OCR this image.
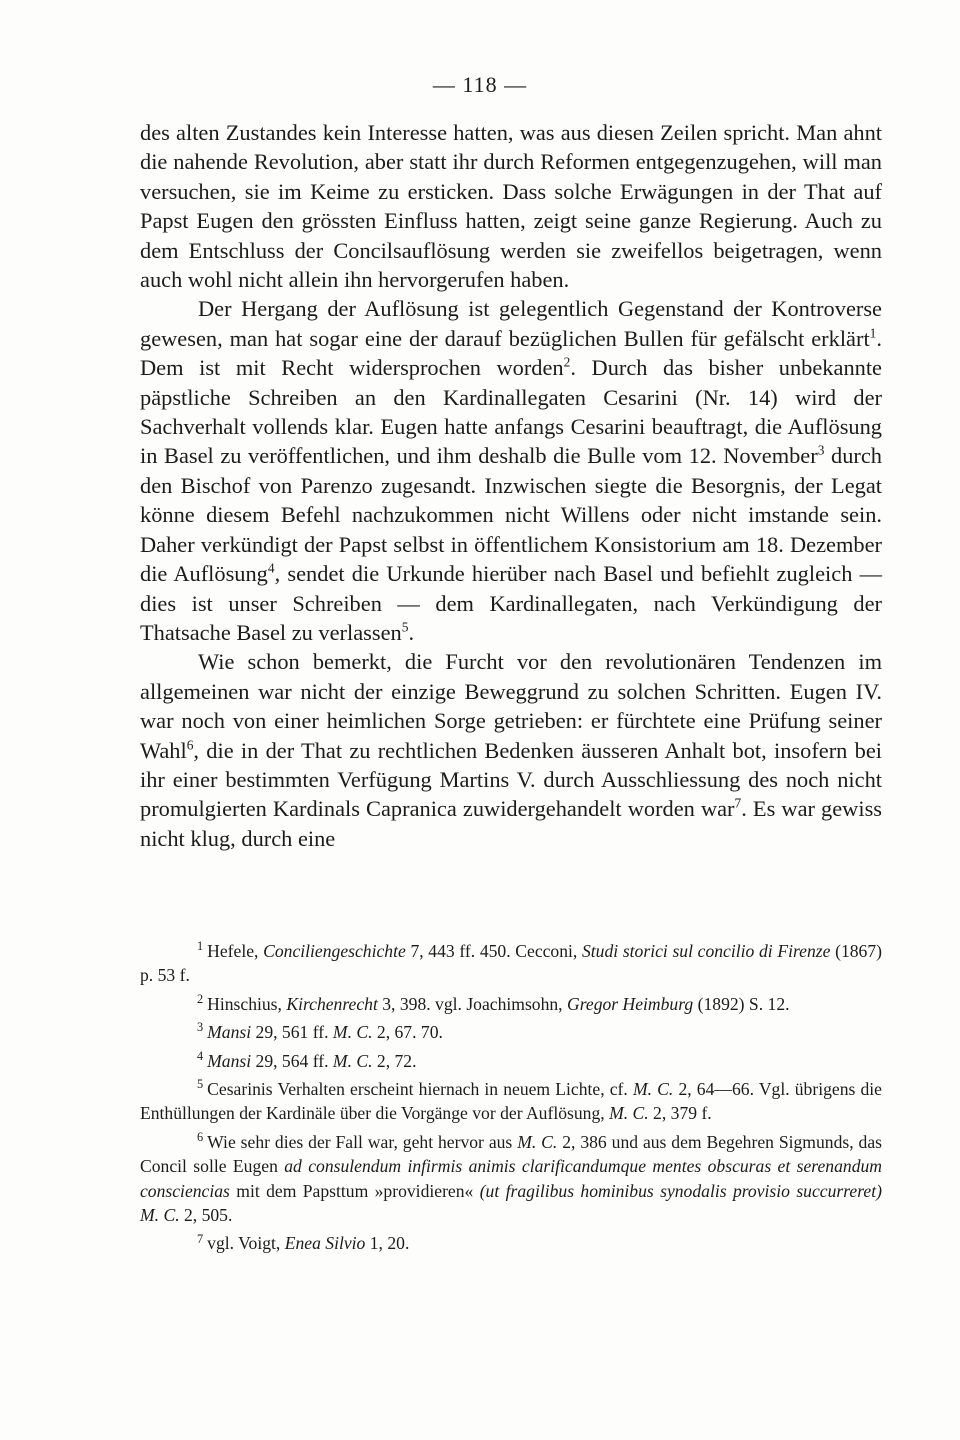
— 118 —

des alten Zustandes kein Interesse hatten, was aus diesen Zeilen spricht. Man ahnt die nahende Revolution, aber statt ihr durch Reformen entgegenzugehen, will man versuchen, sie im Keime zu ersticken. Dass solche Erwägungen in der That auf Papst Eugen den grössten Einfluss hatten, zeigt seine ganze Regierung. Auch zu dem Entschluss der Concilsauflösung werden sie zweifellos beigetragen, wenn auch wohl nicht allein ihn hervorgerufen haben.

Der Hergang der Auflösung ist gelegentlich Gegenstand der Kontroverse gewesen, man hat sogar eine der darauf bezüglichen Bullen für gefälscht erklärt$^1$. Dem ist mit Recht widersprochen worden$^2$. Durch das bisher unbekannte päpstliche Schreiben an den Kardinallegaten Cesarini (Nr. 14) wird der Sachverhalt vollends klar. Eugen hatte anfangs Cesarini beauftragt, die Auflösung in Basel zu veröffentlichen, und ihm deshalb die Bulle vom 12. November$^3$ durch den Bischof von Parenzo zugesandt. Inzwischen siegte die Besorgnis, der Legat könne diesem Befehl nachzukommen nicht Willens oder nicht imstande sein. Daher verkündigt der Papst selbst in öffentlichem Konsistorium am 18. Dezember die Auflösung$^4$, sendet die Urkunde hierüber nach Basel und befiehlt zugleich — dies ist unser Schreiben — dem Kardinallegaten, nach Verkündigung der Thatsache Basel zu verlassen$^5$.

Wie schon bemerkt, die Furcht vor den revolutionären Tendenzen im allgemeinen war nicht der einzige Beweggrund zu solchen Schritten. Eugen IV. war noch von einer heimlichen Sorge getrieben: er fürchtete eine Prüfung seiner Wahl$^6$, die in der That zu rechtlichen Bedenken äusseren Anhalt bot, insofern bei ihr einer bestimmten Verfügung Martins V. durch Ausschliessung des noch nicht promulgierten Kardinals Capranica zuwidergehandelt worden war$^7$. Es war gewiss nicht klug, durch eine

$^1$ Hefele, Conciliengeschichte 7, 443 ff. 450. Cecconi, Studi storici sul concilio di Firenze (1867) p. 53 f.

$^2$ Hinschius, Kirchenrecht 3, 398. vgl. Joachimsohn, Gregor Heimburg (1892) S. 12.

$^3$ Mansi 29, 561 ff. M. C. 2, 67. 70.

$^4$ Mansi 29, 564 ff. M. C. 2, 72.

$^5$ Cesarinis Verhalten erscheint hiernach in neuem Lichte, cf. M. C. 2, 64—66. Vgl. übrigens die Enthüllungen der Kardinäle über die Vorgänge vor der Auflösung, M. C. 2, 379 f.

$^6$ Wie sehr dies der Fall war, geht hervor aus M. C. 2, 386 und aus dem Begehren Sigmunds, das Concil solle Eugen ad consulendum infirmis animis clarificandumque mentes obscuras et serenandum consciencias mit dem Papsttum »providieren« (ut fragilibus hominibus synodalis provisio succurreret) M. C. 2, 505.

$^7$ vgl. Voigt, Enea Silvio 1, 20.
